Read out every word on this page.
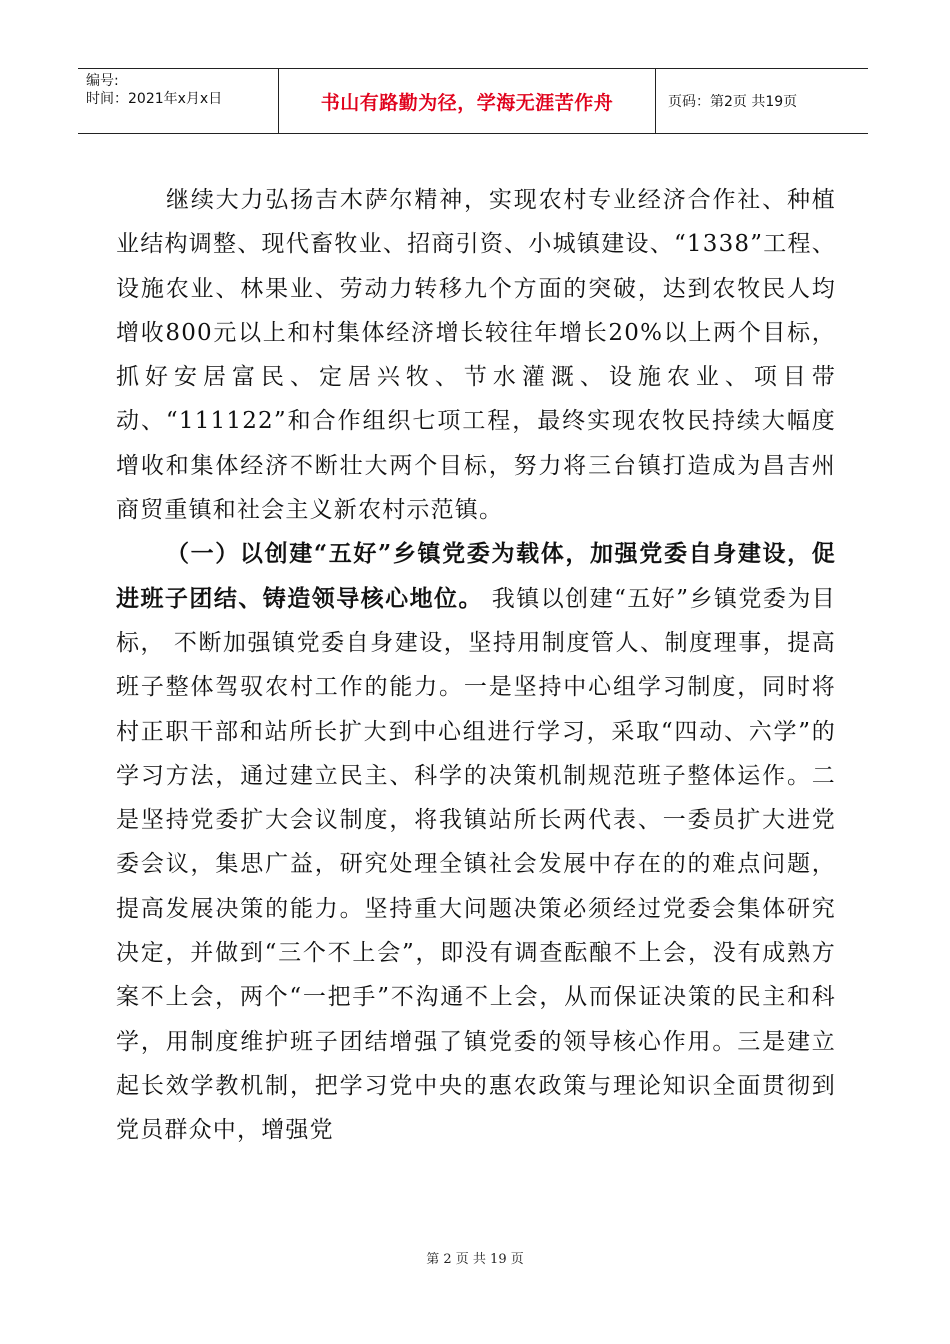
编号:
时间：2021年x月x日	书山有路勤为径，学海无涯苦作舟	页码：第2页 共19页

继续大力弘扬吉木萨尔精神，实现农村专业经济合作社、种植业结构调整、现代畜牧业、招商引资、小城镇建设、“1338”工程、设施农业、林果业、劳动力转移九个方面的突破，达到农牧民人均增收800元以上和村集体经济增长较往年增长20%以上两个目标，抓好安居富民、定居兴牧、节水灌溉、设施农业、项目带动、“111122”和合作组织七项工程，最终实现农牧民持续大幅度增收和集体经济不断壮大两个目标，努力将三台镇打造成为昌吉州商贸重镇和社会主义新农村示范镇。

（一）以创建“五好”乡镇党委为载体，加强党委自身建设，促进班子团结、铸造领导核心地位。 我镇以创建“五好”乡镇党委为目标， 不断加强镇党委自身建设，坚持用制度管人、制度理事，提高班子整体驾驭农村工作的能力。一是坚持中心组学习制度，同时将村正职干部和站所长扩大到中心组进行学习，采取“四动、六学”的学习方法，通过建立民主、科学的决策机制规范班子整体运作。二是坚持党委扩大会议制度，将我镇站所长两代表、一委员扩大进党委会议，集思广益，研究处理全镇社会发展中存在的的难点问题，提高发展决策的能力。坚持重大问题决策必须经过党委会集体研究决定，并做到“三个不上会”，即没有调查酝酿不上会，没有成熟方案不上会，两个“一把手”不沟通不上会，从而保证决策的民主和科学，用制度维护班子团结增强了镇党委的领导核心作用。三是建立起长效学教机制，把学习党中央的惠农政策与理论知识全面贯彻到党员群众中，增强党

第 2 页 共 19 页
